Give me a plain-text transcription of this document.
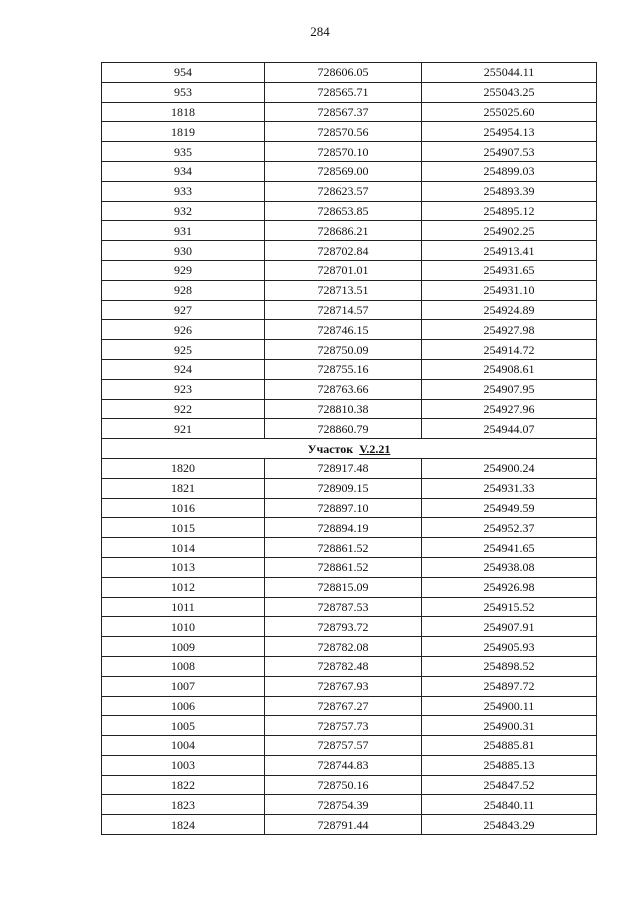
284
954	728606.05	255044.11
953	728565.71	255043.25
1818	728567.37	255025.60
1819	728570.56	254954.13
935	728570.10	254907.53
934	728569.00	254899.03
933	728623.57	254893.39
932	728653.85	254895.12
931	728686.21	254902.25
930	728702.84	254913.41
929	728701.01	254931.65
928	728713.51	254931.10
927	728714.57	254924.89
926	728746.15	254927.98
925	728750.09	254914.72
924	728755.16	254908.61
923	728763.66	254907.95
922	728810.38	254927.96
921	728860.79	254944.07
Участок V.2.21		
1820	728917.48	254900.24
1821	728909.15	254931.33
1016	728897.10	254949.59
1015	728894.19	254952.37
1014	728861.52	254941.65
1013	728861.52	254938.08
1012	728815.09	254926.98
1011	728787.53	254915.52
1010	728793.72	254907.91
1009	728782.08	254905.93
1008	728782.48	254898.52
1007	728767.93	254897.72
1006	728767.27	254900.11
1005	728757.73	254900.31
1004	728757.57	254885.81
1003	728744.83	254885.13
1822	728750.16	254847.52
1823	728754.39	254840.11
1824	728791.44	254843.29
